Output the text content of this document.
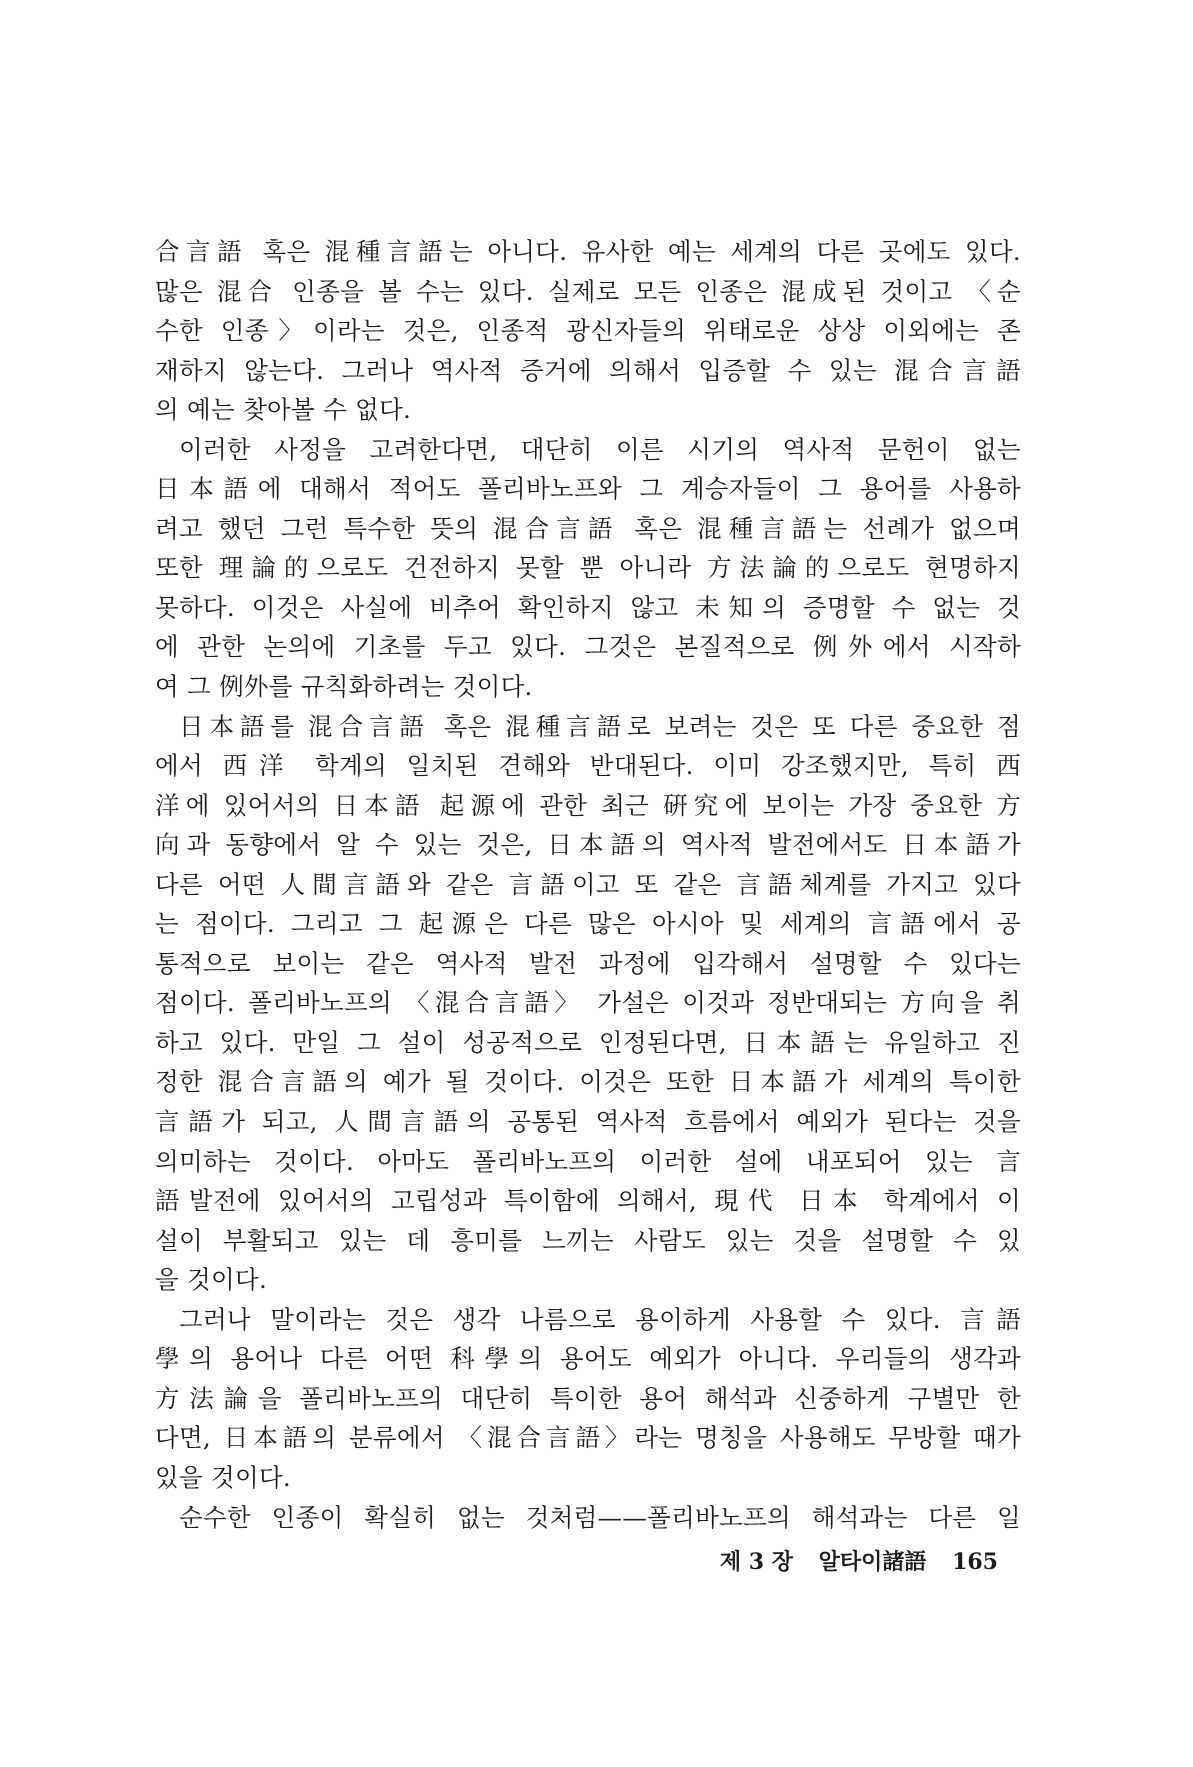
合言語 혹은 混種言語는 아니다. 유사한 예는 세계의 다른 곳에도 있다.
많은 混合 인종을 볼 수는 있다. 실제로 모든 인종은 混成된 것이고 〈순
수한 인종〉이라는 것은, 인종적 광신자들의 위태로운 상상 이외에는 존
재하지 않는다. 그러나 역사적 증거에 의해서 입증할 수 있는 混合言語
의 예는 찾아볼 수 없다.
이러한 사정을 고려한다면, 대단히 이른 시기의 역사적 문헌이 없는
日本語에 대해서 적어도 폴리바노프와 그 계승자들이 그 용어를 사용하
려고 했던 그런 특수한 뜻의 混合言語 혹은 混種言語는 선례가 없으며
또한 理論的으로도 건전하지 못할 뿐 아니라 方法論的으로도 현명하지
못하다. 이것은 사실에 비추어 확인하지 않고 未知의 증명할 수 없는 것
에 관한 논의에 기초를 두고 있다. 그것은 본질적으로 例外에서 시작하
여 그 例外를 규칙화하려는 것이다.
日本語를 混合言語 혹은 混種言語로 보려는 것은 또 다른 중요한 점
에서 西洋 학계의 일치된 견해와 반대된다. 이미 강조했지만, 특히 西
洋에 있어서의 日本語 起源에 관한 최근 硏究에 보이는 가장 중요한 方
向과 동향에서 알 수 있는 것은, 日本語의 역사적 발전에서도 日本語가
다른 어떤 人間言語와 같은 言語이고 또 같은 言語체계를 가지고 있다
는 점이다. 그리고 그 起源은 다른 많은 아시아 및 세계의 言語에서 공
통적으로 보이는 같은 역사적 발전 과정에 입각해서 설명할 수 있다는
점이다. 폴리바노프의 〈混合言語〉 가설은 이것과 정반대되는 方向을 취
하고 있다. 만일 그 설이 성공적으로 인정된다면, 日本語는 유일하고 진
정한 混合言語의 예가 될 것이다. 이것은 또한 日本語가 세계의 특이한
言語가 되고, 人間言語의 공통된 역사적 흐름에서 예외가 된다는 것을
의미하는 것이다. 아마도 폴리바노프의 이러한 설에 내포되어 있는 言
語발전에 있어서의 고립성과 특이함에 의해서, 現代 日本 학계에서 이
설이 부활되고 있는 데 흥미를 느끼는 사람도 있는 것을 설명할 수 있
을 것이다.
그러나 말이라는 것은 생각 나름으로 용이하게 사용할 수 있다. 言語
學의 용어나 다른 어떤 科學의 용어도 예외가 아니다. 우리들의 생각과
方法論을 폴리바노프의 대단히 특이한 용어 해석과 신중하게 구별만 한
다면, 日本語의 분류에서 〈混合言語〉라는 명칭을 사용해도 무방할 때가
있을 것이다.
순수한 인종이 확실히 없는 것처럼——폴리바노프의 해석과는 다른 일
제 3 장 알타이諸語 165
